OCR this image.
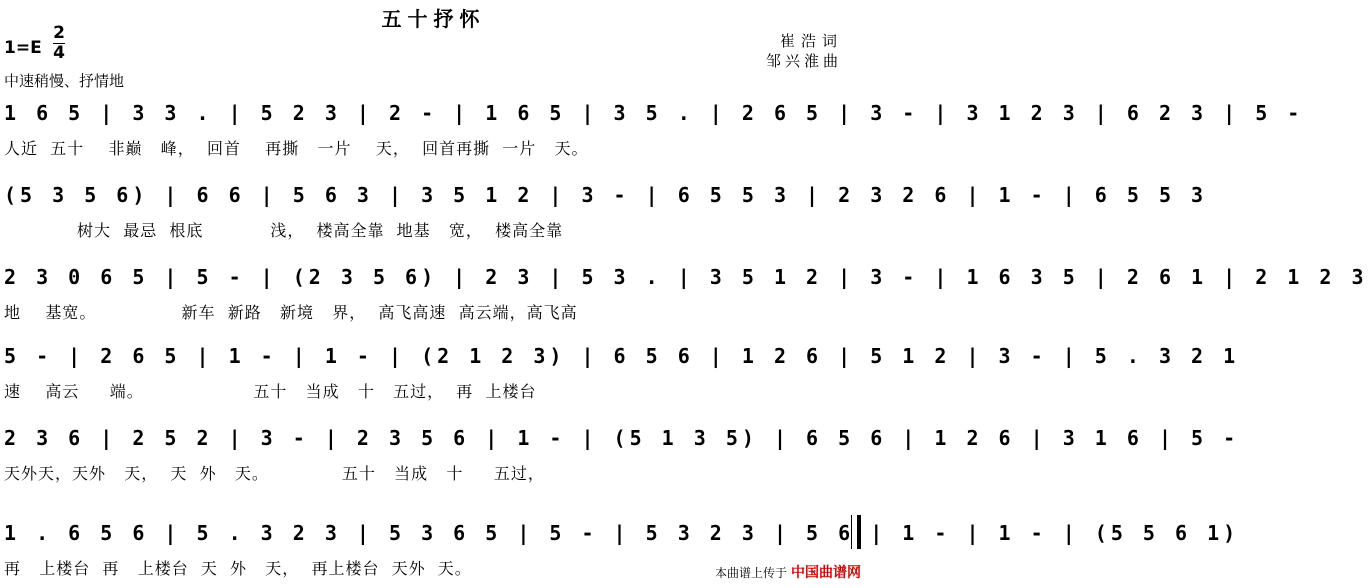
五十抒怀
1=E
2
4
崔浩词
邹兴淮曲
中速稍慢、抒情地
1 6 5 | 3 3 . | 5 2 3 | 2 - | 1 6 5 | 3 5 . | 2 6 5 | 3 - | 3 1 2 3 | 6 2 3 | 5 -
人近  五十    非巅   峰，  回首    再撕   一片    天，  回首再撕  一片   天。
(5 3 5 6) | 6 6 | 5 6 3 | 3 5 1 2 | 3 - | 6 5 5 3 | 2 3 2 6 | 1 - | 6 5 5 3
树大  最忌  根底           浅，  楼高全靠  地基   宽，  楼高全靠
2 3 0 6 5 | 5 - | (2 3 5 6) | 2 3 | 5 3 . | 3 5 1 2 | 3 - | 1 6 3 5 | 2 6 1 | 2 1 2 3
地    基宽。              新车  新路   新境   界，  高飞高速  高云端，高飞高
5 - | 2 6 5 | 1 - | 1 - | (2 1 2 3) | 6 5 6 | 1 2 6 | 5 1 2 | 3 - | 5 . 3 2 1
速    高云     端。                  五十   当成   十   五过，  再  上楼台
2 3 6 | 2 5 2 | 3 - | 2 3 5 6 | 1 - | (5 1 3 5) | 6 5 6 | 1 2 6 | 3 1 6 | 5 -
天外天，天外   天，  天  外   天。            五十   当成   十     五过，
1 . 6 5 6 | 5 . 3 2 3 | 5 3 6 5 | 5 - | 5 3 2 3 | 5 6 | 1 - | 1 - | (5 5 6 1)
再   上楼台  再   上楼台  天  外   天，  再上楼台  天外  天。	本曲谱上传于 中国曲谱网
